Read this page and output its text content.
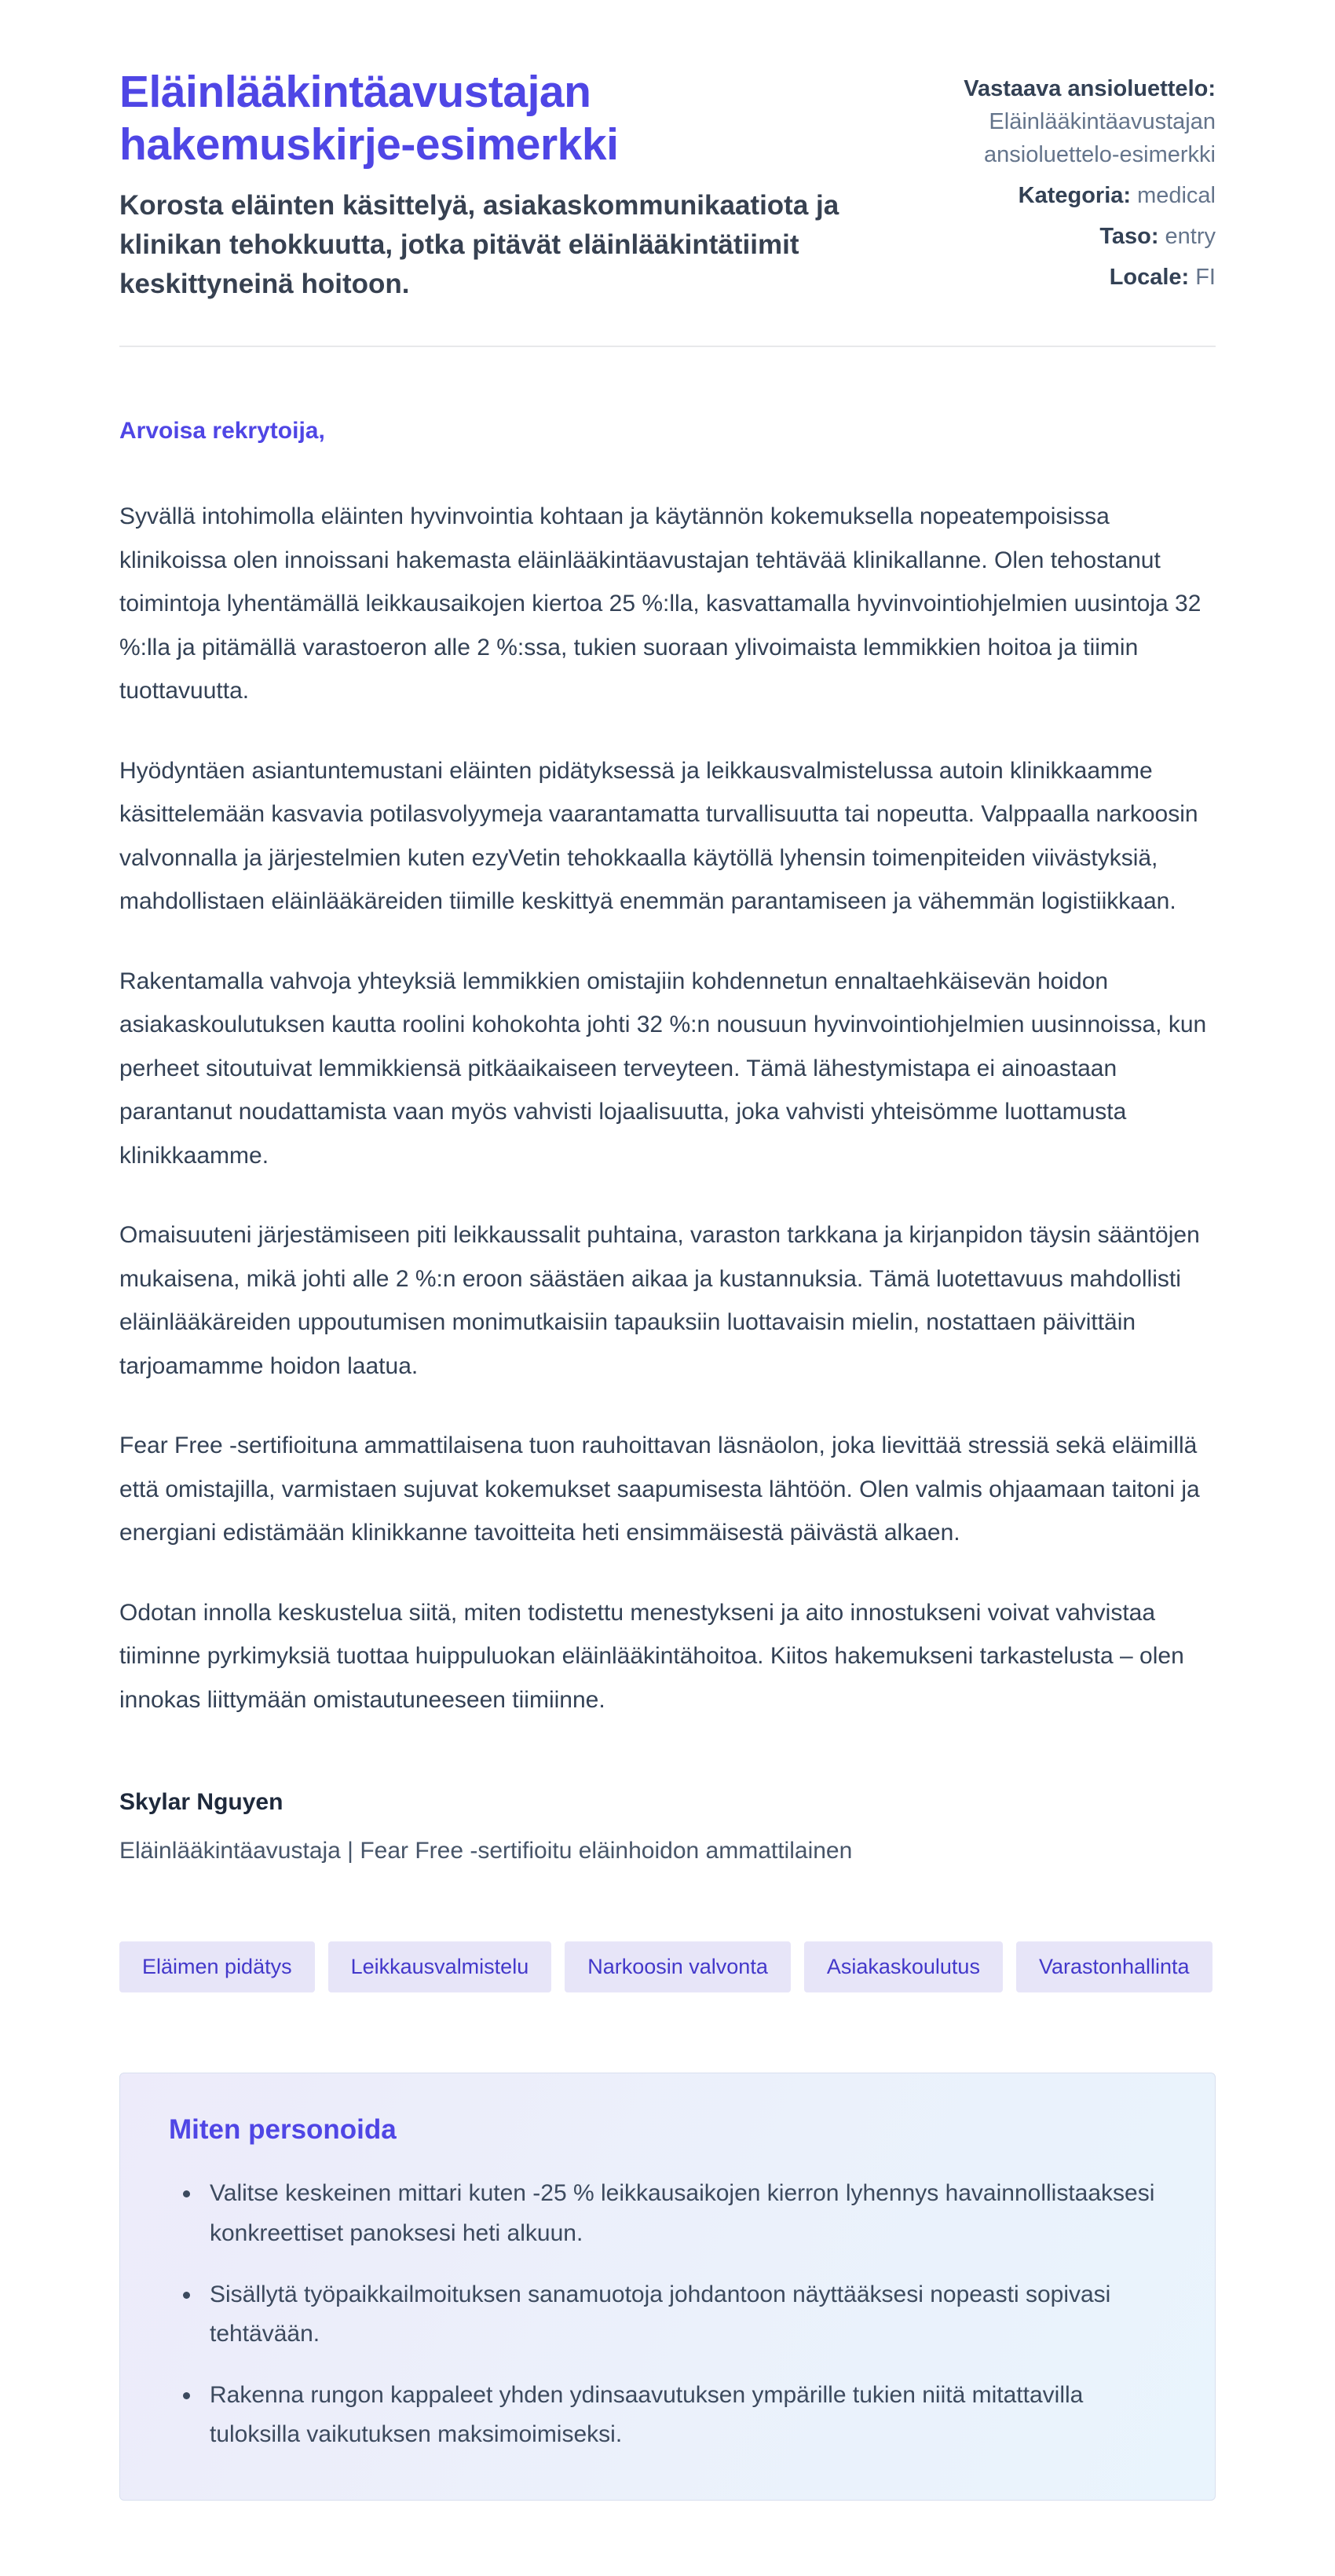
Eläinlääkintäavustajan hakemuskirje-esimerkki

Korosta eläinten käsittelyä, asiakaskommunikaatiota ja klinikan tehokkuutta, jotka pitävät eläinlääkintätiimit keskittyneinä hoitoon.

Vastaava ansioluettelo:
Eläinlääkintäavustajan ansioluettelo-esimerkki
Kategoria: medical
Taso: entry
Locale: FI

Arvoisa rekrytoija,

Syvällä intohimolla eläinten hyvinvointia kohtaan ja käytännön kokemuksella nopeatempoisissa klinikoissa olen innoissani hakemasta eläinlääkintäavustajan tehtävää klinikallanne. Olen tehostanut toimintoja lyhentämällä leikkausaikojen kiertoa 25 %:lla, kasvattamalla hyvinvointiohjelmien uusintoja 32 %:lla ja pitämällä varastoeron alle 2 %:ssa, tukien suoraan ylivoimaista lemmikkien hoitoa ja tiimin tuottavuutta.

Hyödyntäen asiantuntemustani eläinten pidätyksessä ja leikkausvalmistelussa autoin klinikkaamme käsittelemään kasvavia potilasvolyymeja vaarantamatta turvallisuutta tai nopeutta. Valppaalla narkoosin valvonnalla ja järjestelmien kuten ezyVetin tehokkaalla käytöllä lyhensin toimenpiteiden viivästyksiä, mahdollistaen eläinlääkäreiden tiimille keskittyä enemmän parantamiseen ja vähemmän logistiikkaan.

Rakentamalla vahvoja yhteyksiä lemmikkien omistajiin kohdennetun ennaltaehkäisevän hoidon asiakaskoulutuksen kautta roolini kohokohta johti 32 %:n nousuun hyvinvointiohjelmien uusinnoissa, kun perheet sitoutuivat lemmikkiensä pitkäaikaiseen terveyteen. Tämä lähestymistapa ei ainoastaan parantanut noudattamista vaan myös vahvisti lojaalisuutta, joka vahvisti yhteisömme luottamusta klinikkaamme.

Omaisuuteni järjestämiseen piti leikkaussalit puhtaina, varaston tarkkana ja kirjanpidon täysin sääntöjen mukaisena, mikä johti alle 2 %:n eroon säästäen aikaa ja kustannuksia. Tämä luotettavuus mahdollisti eläinlääkäreiden uppoutumisen monimutkaisiin tapauksiin luottavaisin mielin, nostattaen päivittäin tarjoamamme hoidon laatua.

Fear Free -sertifioituna ammattilaisena tuon rauhoittavan läsnäolon, joka lievittää stressiä sekä eläimillä että omistajilla, varmistaen sujuvat kokemukset saapumisesta lähtöön. Olen valmis ohjaamaan taitoni ja energiani edistämään klinikkanne tavoitteita heti ensimmäisestä päivästä alkaen.

Odotan innolla keskustelua siitä, miten todistettu menestykseni ja aito innostukseni voivat vahvistaa tiiminne pyrkimyksiä tuottaa huippuluokan eläinlääkintähoitoa. Kiitos hakemukseni tarkastelusta – olen innokas liittymään omistautuneeseen tiimiinne.

Skylar Nguyen

Eläinlääkintäavustaja | Fear Free -sertifioitu eläinhoidon ammattilainen

Eläimen pidätys	Leikkausvalmistelu	Narkoosin valvonta	Asiakaskoulutus	Varastonhallinta
Miten personoida
• Valitse keskeinen mittari kuten -25 % leikkausaikojen kierron lyhennys havainnollistaaksesi konkreettiset panoksesi heti alkuun.
• Sisällytä työpaikkailmoituksen sanamuotoja johdantoon näyttääksesi nopeasti sopivasi tehtävään.
• Rakenna rungon kappaleet yhden ydinsaavutuksen ympärille tukien niitä mitattavilla tuloksilla vaikutuksen maksimoimiseksi.
